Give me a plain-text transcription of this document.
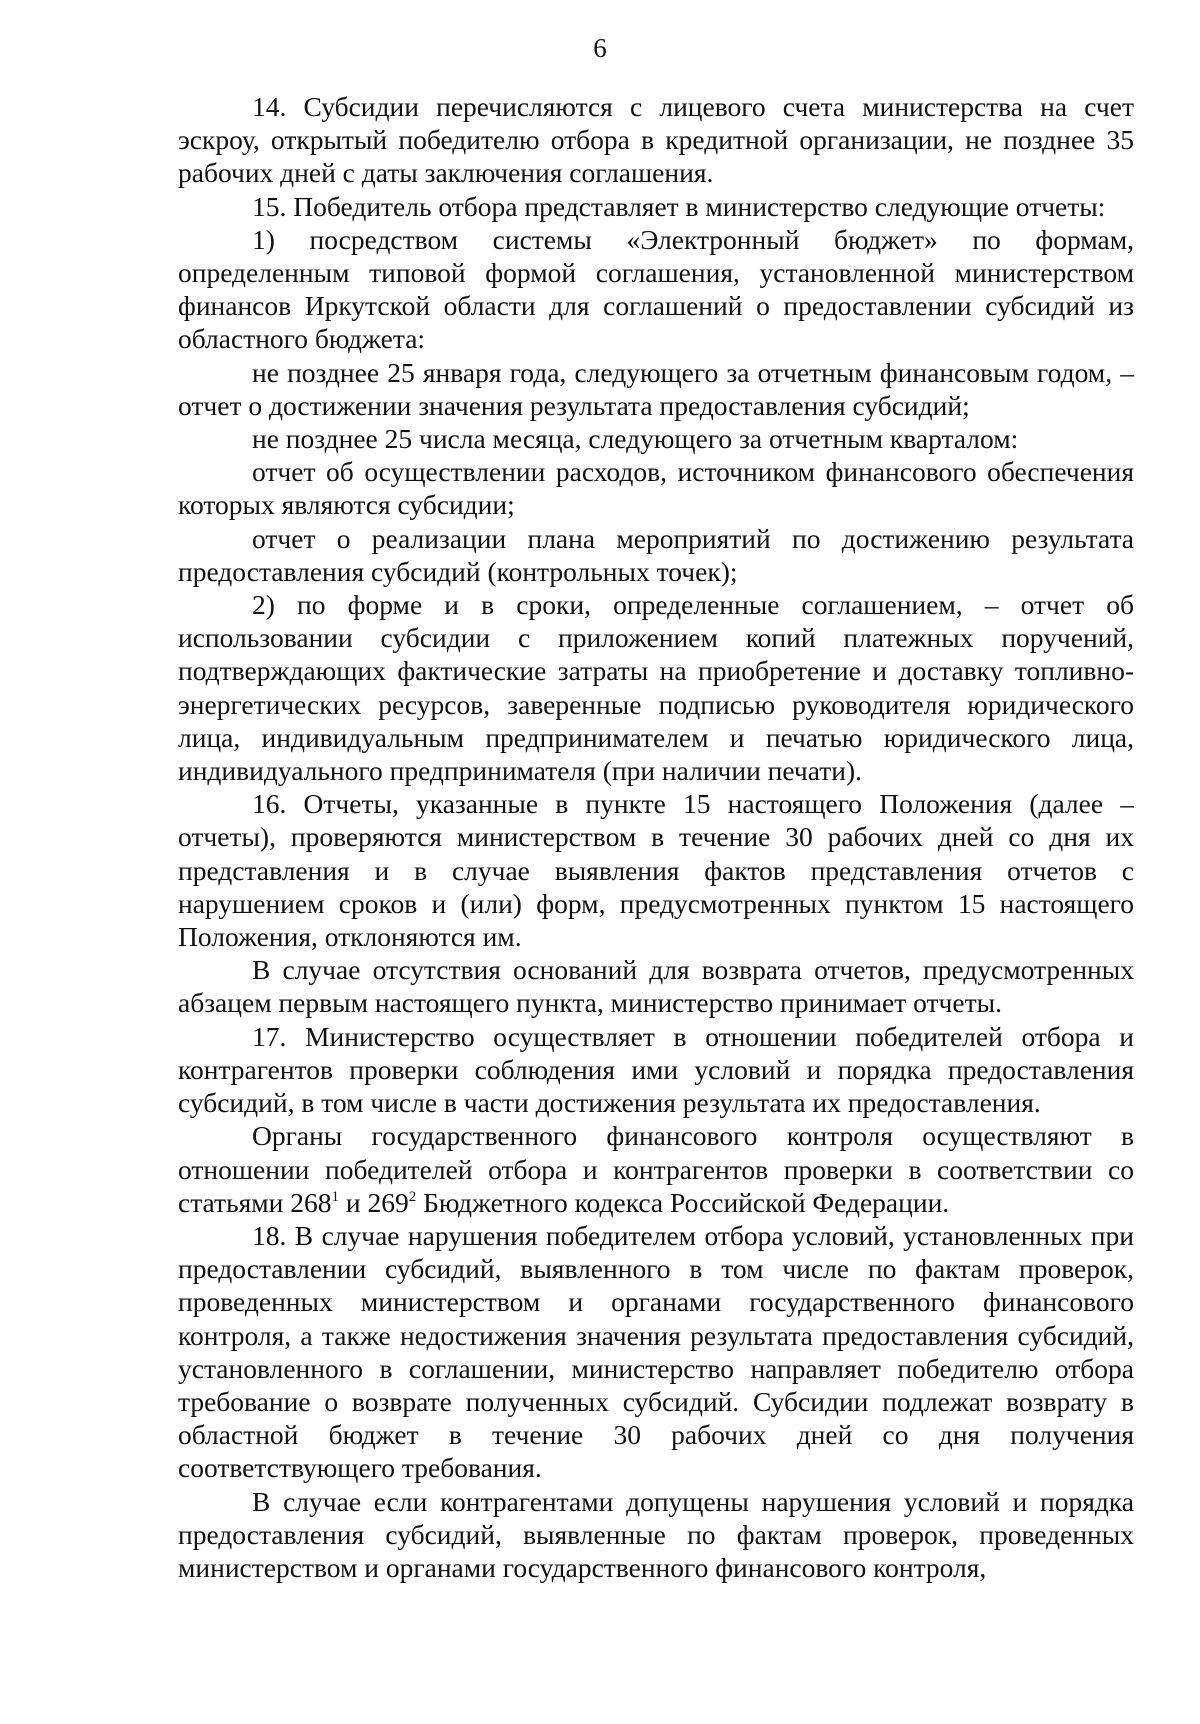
6

14. Субсидии перечисляются с лицевого счета министерства на счет эскроу, открытый победителю отбора в кредитной организации, не позднее 35 рабочих дней с даты заключения соглашения.

15. Победитель отбора представляет в министерство следующие отчеты:

1) посредством системы «Электронный бюджет» по формам, определенным типовой формой соглашения, установленной министерством финансов Иркутской области для соглашений о предоставлении субсидий из областного бюджета:

не позднее 25 января года, следующего за отчетным финансовым годом, – отчет о достижении значения результата предоставления субсидий;

не позднее 25 числа месяца, следующего за отчетным кварталом:

отчет об осуществлении расходов, источником финансового обеспечения которых являются субсидии;

отчет о реализации плана мероприятий по достижению результата предоставления субсидий (контрольных точек);

2) по форме и в сроки, определенные соглашением, – отчет об использовании субсидии с приложением копий платежных поручений, подтверждающих фактические затраты на приобретение и доставку топливно-энергетических ресурсов, заверенные подписью руководителя юридического лица, индивидуальным предпринимателем и печатью юридического лица, индивидуального предпринимателя (при наличии печати).

16. Отчеты, указанные в пункте 15 настоящего Положения (далее – отчеты), проверяются министерством в течение 30 рабочих дней со дня их представления и в случае выявления фактов представления отчетов с нарушением сроков и (или) форм, предусмотренных пунктом 15 настоящего Положения, отклоняются им.

В случае отсутствия оснований для возврата отчетов, предусмотренных абзацем первым настоящего пункта, министерство принимает отчеты.

17. Министерство осуществляет в отношении победителей отбора и контрагентов проверки соблюдения ими условий и порядка предоставления субсидий, в том числе в части достижения результата их предоставления.

Органы государственного финансового контроля осуществляют в отношении победителей отбора и контрагентов проверки в соответствии со статьями $268^1$ и $269^2$ Бюджетного кодекса Российской Федерации.

18. В случае нарушения победителем отбора условий, установленных при предоставлении субсидий, выявленного в том числе по фактам проверок, проведенных министерством и органами государственного финансового контроля, а также недостижения значения результата предоставления субсидий, установленного в соглашении, министерство направляет победителю отбора требование о возврате полученных субсидий. Субсидии подлежат возврату в областной бюджет в течение 30 рабочих дней со дня получения соответствующего требования.

В случае если контрагентами допущены нарушения условий и порядка предоставления субсидий, выявленные по фактам проверок, проведенных министерством и органами государственного финансового контроля,
